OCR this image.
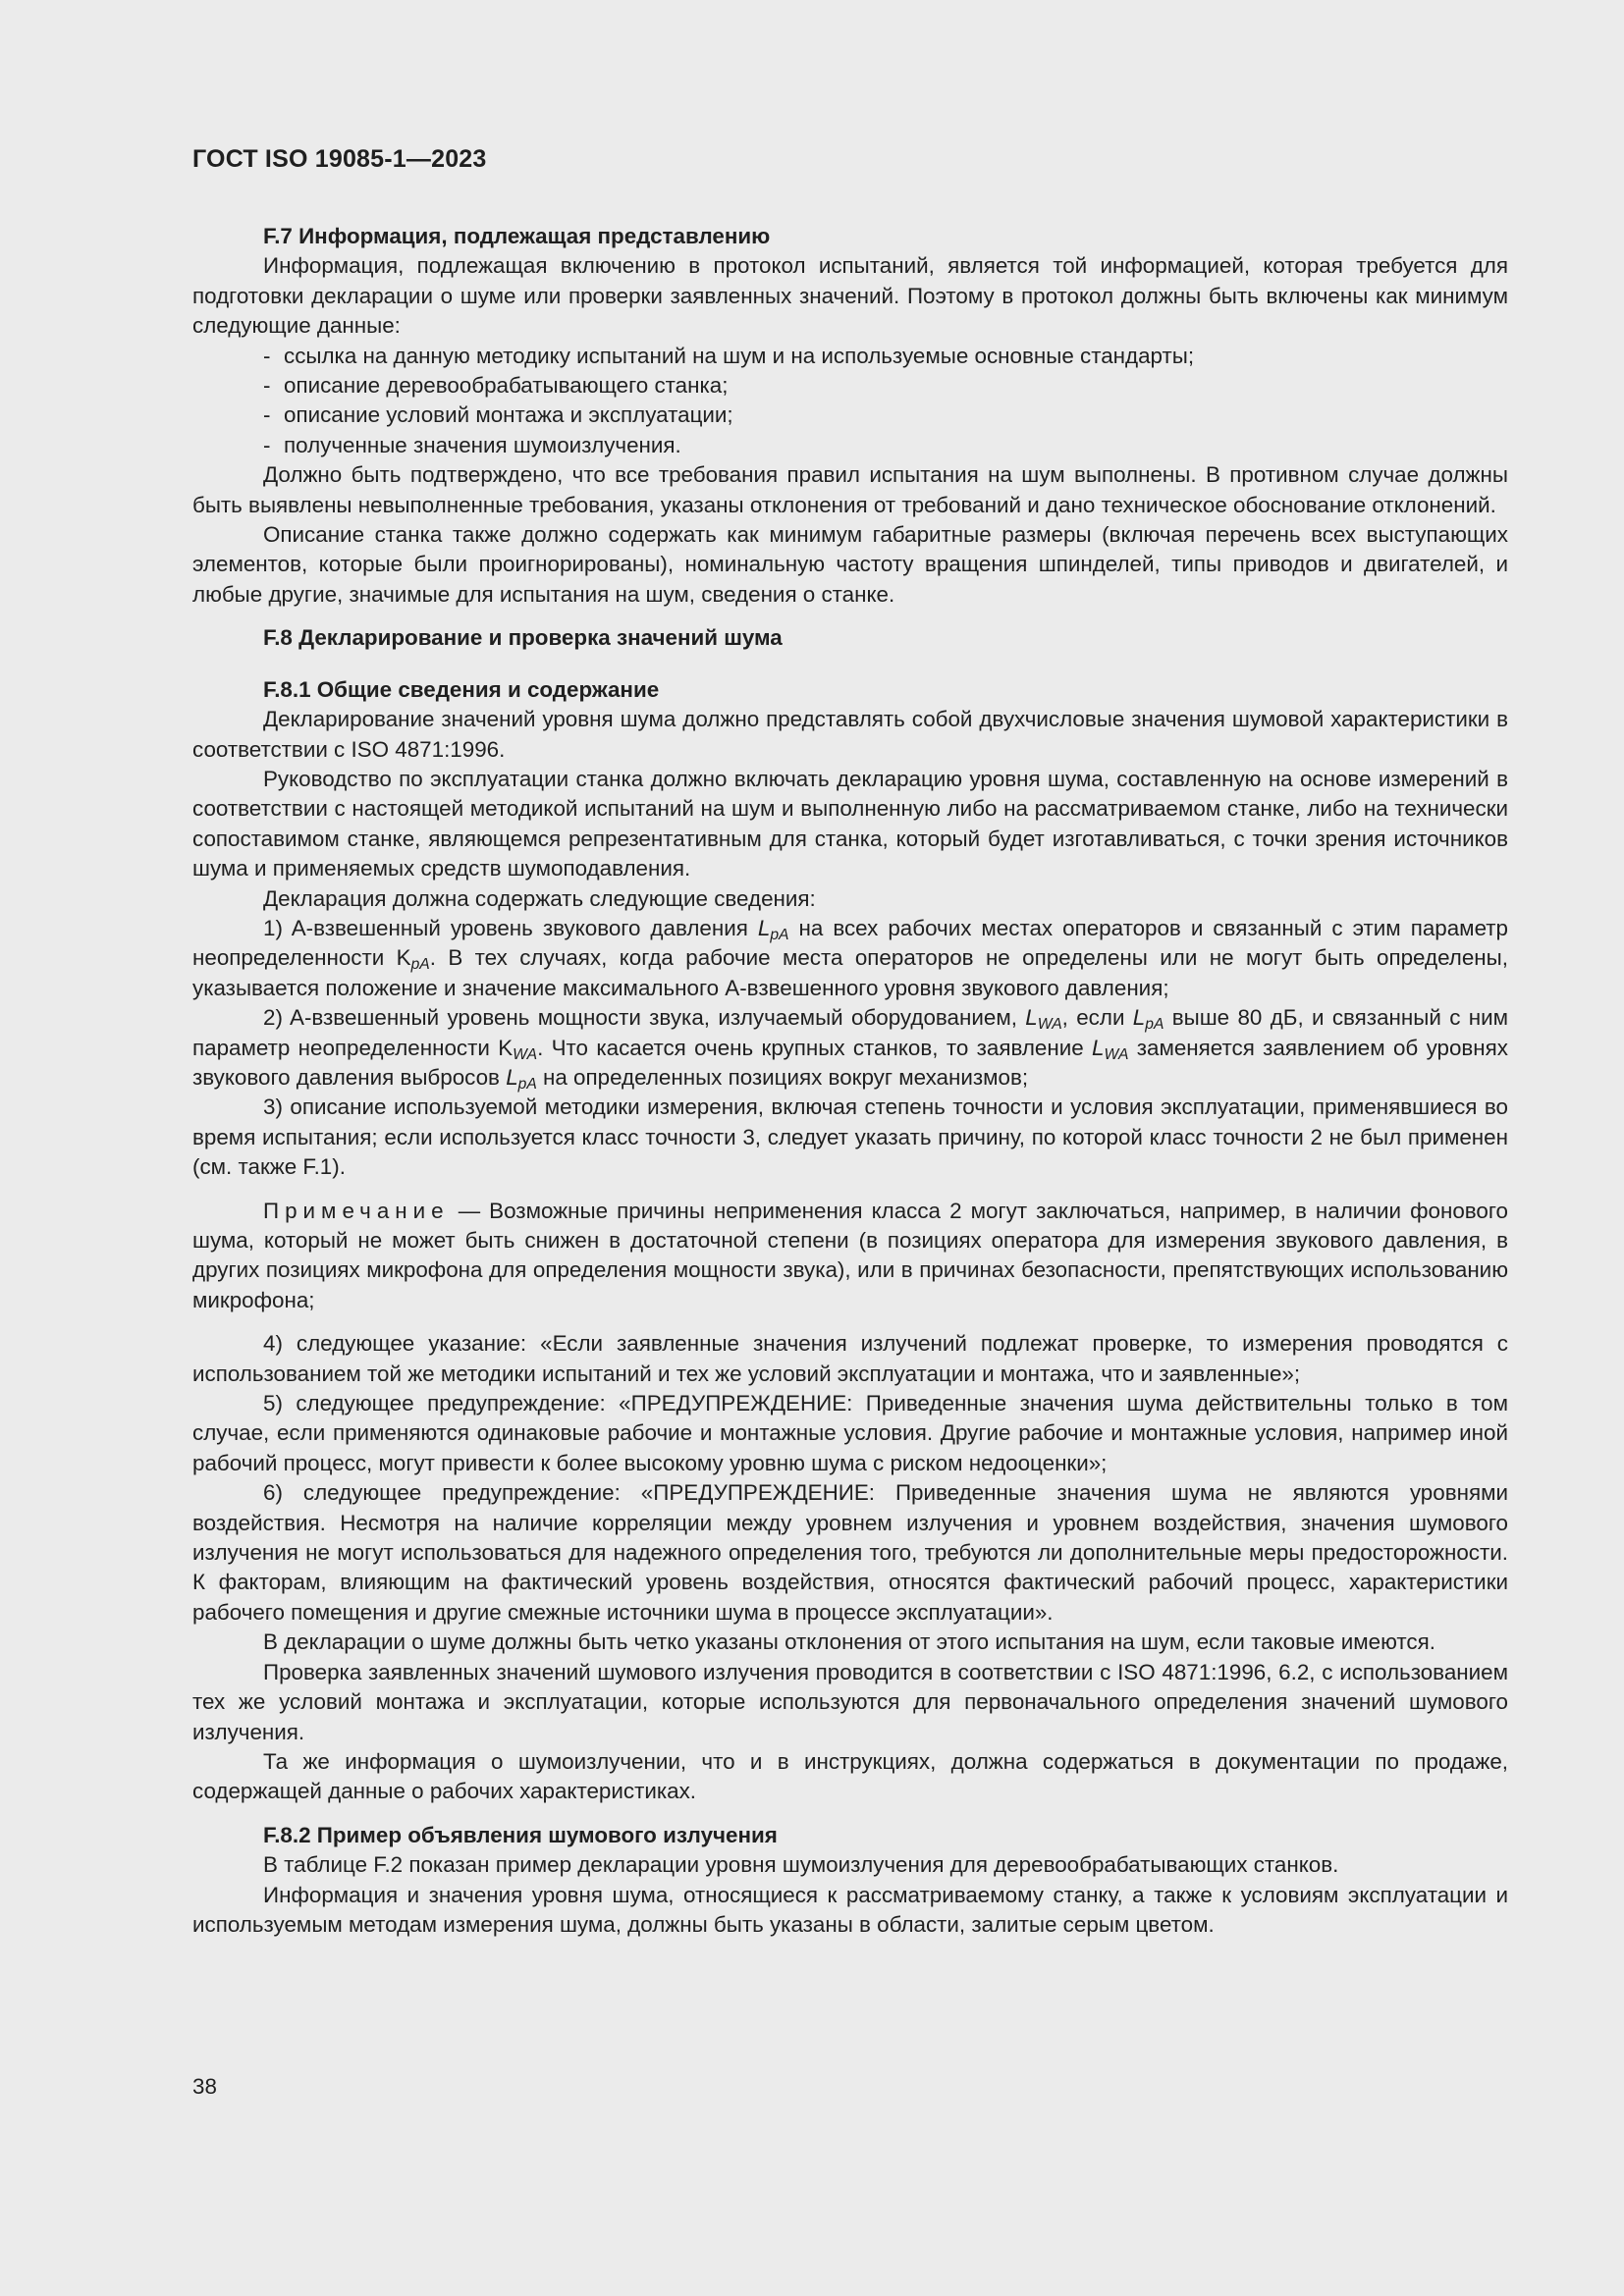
ГОСТ ISO 19085-1—2023
F.7 Информация, подлежащая представлению

Информация, подлежащая включению в протокол испытаний, является той информацией, которая требуется для подготовки декларации о шуме или проверки заявленных значений. Поэтому в протокол должны быть включены как минимум следующие данные:

- ссылка на данную методику испытаний на шум и на используемые основные стандарты;
- описание деревообрабатывающего станка;
- описание условий монтажа и эксплуатации;
- полученные значения шумоизлучения.

Должно быть подтверждено, что все требования правил испытания на шум выполнены. В противном случае должны быть выявлены невыполненные требования, указаны отклонения от требований и дано техническое обоснование отклонений.

Описание станка также должно содержать как минимум габаритные размеры (включая перечень всех выступающих элементов, которые были проигнорированы), номинальную частоту вращения шпинделей, типы приводов и двигателей, и любые другие, значимые для испытания на шум, сведения о станке.

F.8 Декларирование и проверка значений шума
F.8.1 Общие сведения и содержание

Декларирование значений уровня шума должно представлять собой двухчисловые значения шумовой характеристики в соответствии с ISO 4871:1996.

Руководство по эксплуатации станка должно включать декларацию уровня шума, составленную на основе измерений в соответствии с настоящей методикой испытаний на шум и выполненную либо на рассматриваемом станке, либо на технически сопоставимом станке, являющемся репрезентативным для станка, который будет изготавливаться, с точки зрения источников шума и применяемых средств шумоподавления.

Декларация должна содержать следующие сведения:

1) A-взвешенный уровень звукового давления $L_{pA}$ на всех рабочих местах операторов и связанный с этим параметр неопределенности $K_{pA}$. В тех случаях, когда рабочие места операторов не определены или не могут быть определены, указывается положение и значение максимального A-взвешенного уровня звукового давления;

2) A-взвешенный уровень мощности звука, излучаемый оборудованием, $L_{WA}$, если $L_{pA}$ выше 80 дБ, и связанный с ним параметр неопределенности $K_{WA}$. Что касается очень крупных станков, то заявление $L_{WA}$ заменяется заявлением об уровнях звукового давления выбросов $L_{pA}$ на определенных позициях вокруг механизмов;

3) описание используемой методики измерения, включая степень точности и условия эксплуатации, применявшиеся во время испытания; если используется класс точности 3, следует указать причину, по которой класс точности 2 не был применен (см. также F.1).

Примечание — Возможные причины неприменения класса 2 могут заключаться, например, в наличии фонового шума, который не может быть снижен в достаточной степени (в позициях оператора для измерения звукового давления, в других позициях микрофона для определения мощности звука), или в причинах безопасности, препятствующих использованию микрофона;

4) следующее указание: «Если заявленные значения излучений подлежат проверке, то измерения проводятся с использованием той же методики испытаний и тех же условий эксплуатации и монтажа, что и заявленные»;

5) следующее предупреждение: «ПРЕДУПРЕЖДЕНИЕ: Приведенные значения шума действительны только в том случае, если применяются одинаковые рабочие и монтажные условия. Другие рабочие и монтажные условия, например иной рабочий процесс, могут привести к более высокому уровню шума с риском недооценки»;

6) следующее предупреждение: «ПРЕДУПРЕЖДЕНИЕ: Приведенные значения шума не являются уровнями воздействия. Несмотря на наличие корреляции между уровнем излучения и уровнем воздействия, значения шумового излучения не могут использоваться для надежного определения того, требуются ли дополнительные меры предосторожности. К факторам, влияющим на фактический уровень воздействия, относятся фактический рабочий процесс, характеристики рабочего помещения и другие смежные источники шума в процессе эксплуатации».

В декларации о шуме должны быть четко указаны отклонения от этого испытания на шум, если таковые имеются.

Проверка заявленных значений шумового излучения проводится в соответствии с ISO 4871:1996, 6.2, с использованием тех же условий монтажа и эксплуатации, которые используются для первоначального определения значений шумового излучения.

Та же информация о шумоизлучении, что и в инструкциях, должна содержаться в документации по продаже, содержащей данные о рабочих характеристиках.

F.8.2 Пример объявления шумового излучения

В таблице F.2 показан пример декларации уровня шумоизлучения для деревообрабатывающих станков.

Информация и значения уровня шума, относящиеся к рассматриваемому станку, а также к условиям эксплуатации и используемым методам измерения шума, должны быть указаны в области, залитые серым цветом.

38
